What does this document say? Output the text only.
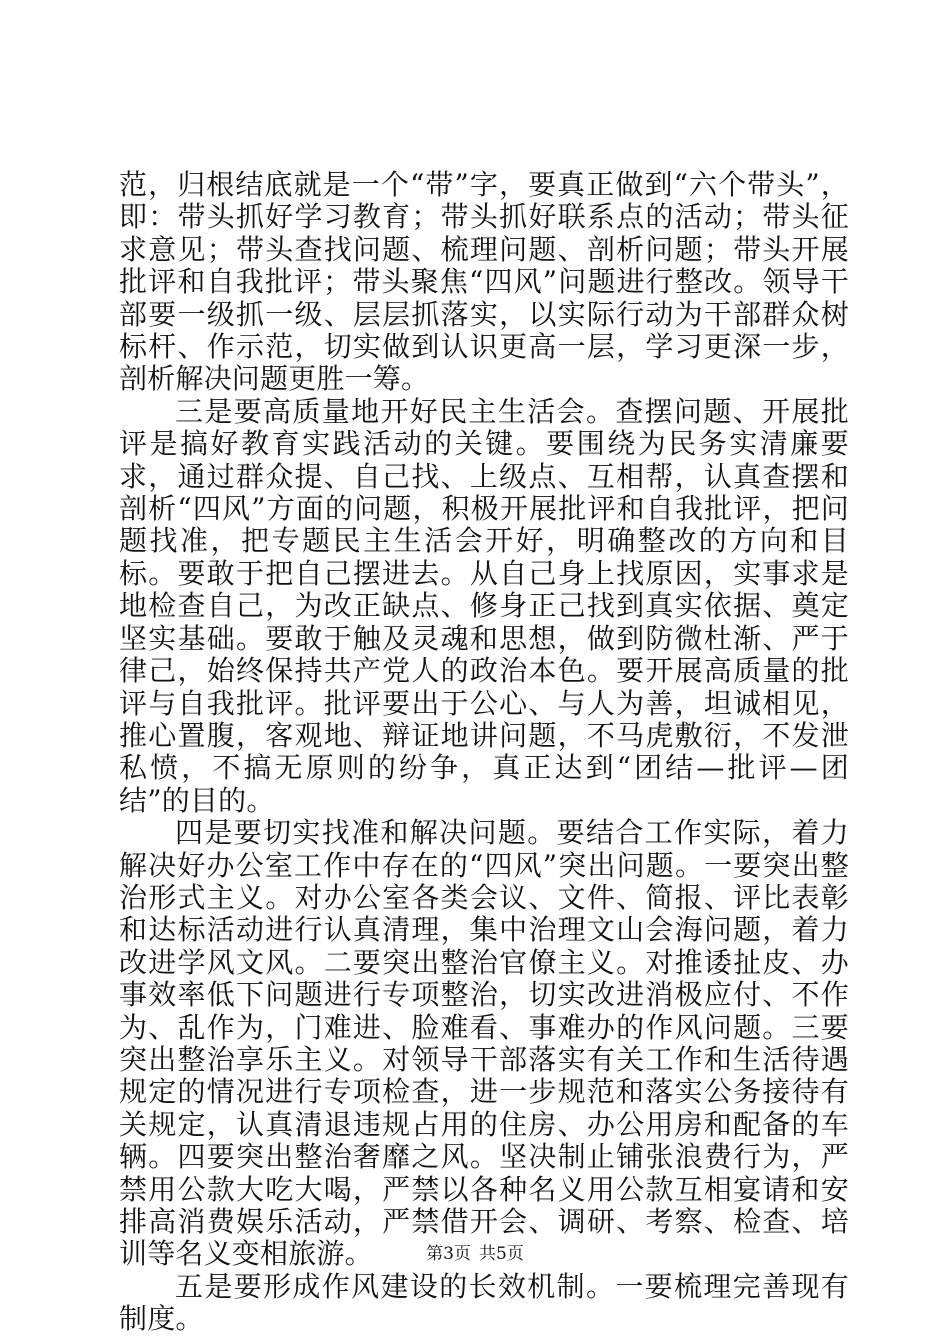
范，归根结底就是一个“带”字，要真正做到“六个带头”，即：带头抓好学习教育；带头抓好联系点的活动；带头征求意见；带头查找问题、梳理问题、剖析问题；带头开展批评和自我批评；带头聚焦“四风”问题进行整改。领导干部要一级抓一级、层层抓落实，以实际行动为干部群众树标杆、作示范，切实做到认识更高一层，学习更深一步，剖析解决问题更胜一筹。

三是要高质量地开好民主生活会。查摆问题、开展批评是搞好教育实践活动的关键。要围绕为民务实清廉要求，通过群众提、自己找、上级点、互相帮，认真查摆和剖析“四风”方面的问题，积极开展批评和自我批评，把问题找准，把专题民主生活会开好，明确整改的方向和目标。要敢于把自己摆进去。从自己身上找原因，实事求是地检查自己，为改正缺点、修身正己找到真实依据、奠定坚实基础。要敢于触及灵魂和思想，做到防微杜渐、严于律己，始终保持共产党人的政治本色。要开展高质量的批评与自我批评。批评要出于公心、与人为善，坦诚相见，推心置腹，客观地、辩证地讲问题，不马虎敷衍，不发泄私愤，不搞无原则的纷争，真正达到“团结—批评—团结”的目的。

四是要切实找准和解决问题。要结合工作实际，着力解决好办公室工作中存在的“四风”突出问题。一要突出整治形式主义。对办公室各类会议、文件、简报、评比表彰和达标活动进行认真清理，集中治理文山会海问题，着力改进学风文风。二要突出整治官僚主义。对推诿扯皮、办事效率低下问题进行专项整治，切实改进消极应付、不作为、乱作为，门难进、脸难看、事难办的作风问题。三要突出整治享乐主义。对领导干部落实有关工作和生活待遇规定的情况进行专项检查，进一步规范和落实公务接待有关规定，认真清退违规占用的住房、办公用房和配备的车辆。四要突出整治奢靡之风。坚决制止铺张浪费行为，严禁用公款大吃大喝，严禁以各种名义用公款互相宴请和安排高消费娱乐活动，严禁借开会、调研、考察、检查、培训等名义变相旅游。

五是要形成作风建设的长效机制。一要梳理完善现有制度。

第3页 共5页
